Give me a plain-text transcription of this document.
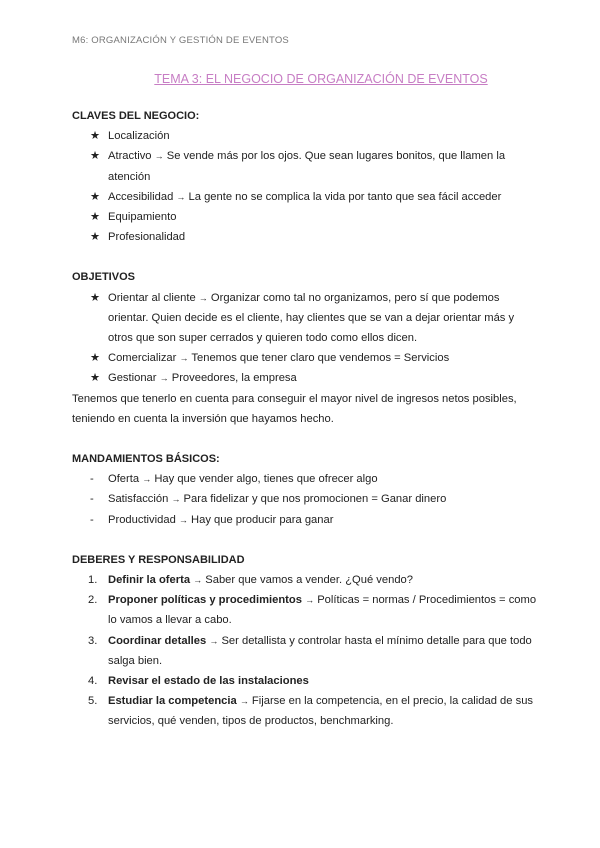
M6: ORGANIZACIÓN Y GESTIÓN DE EVENTOS
TEMA 3: EL NEGOCIO DE ORGANIZACIÓN DE EVENTOS
CLAVES DEL NEGOCIO:
★ Localización
★ Atractivo → Se vende más por los ojos. Que sean lugares bonitos, que llamen la atención
★ Accesibilidad → La gente no se complica la vida por tanto que sea fácil acceder
★ Equipamiento
★ Profesionalidad
OBJETIVOS
★ Orientar al cliente → Organizar como tal no organizamos, pero sí que podemos orientar. Quien decide es el cliente, hay clientes que se van a dejar orientar más y otros que son super cerrados y quieren todo como ellos dicen.
★ Comercializar → Tenemos que tener claro que vendemos = Servicios
★ Gestionar → Proveedores, la empresa

Tenemos que tenerlo en cuenta para conseguir el mayor nivel de ingresos netos posibles, teniendo en cuenta la inversión que hayamos hecho.

MANDAMIENTOS BÁSICOS:
- Oferta → Hay que vender algo, tienes que ofrecer algo
- Satisfacción → Para fidelizar y que nos promocionen = Ganar dinero
- Productividad → Hay que producir para ganar
DEBERES Y RESPONSABILIDAD
1. Definir la oferta → Saber que vamos a vender. ¿Qué vendo?
2. Proponer políticas y procedimientos → Políticas = normas / Procedimientos = como lo vamos a llevar a cabo.
3. Coordinar detalles → Ser detallista y controlar hasta el mínimo detalle para que todo salga bien.
4. Revisar el estado de las instalaciones
5. Estudiar la competencia → Fijarse en la competencia, en el precio, la calidad de sus servicios, qué venden, tipos de productos, benchmarking.
